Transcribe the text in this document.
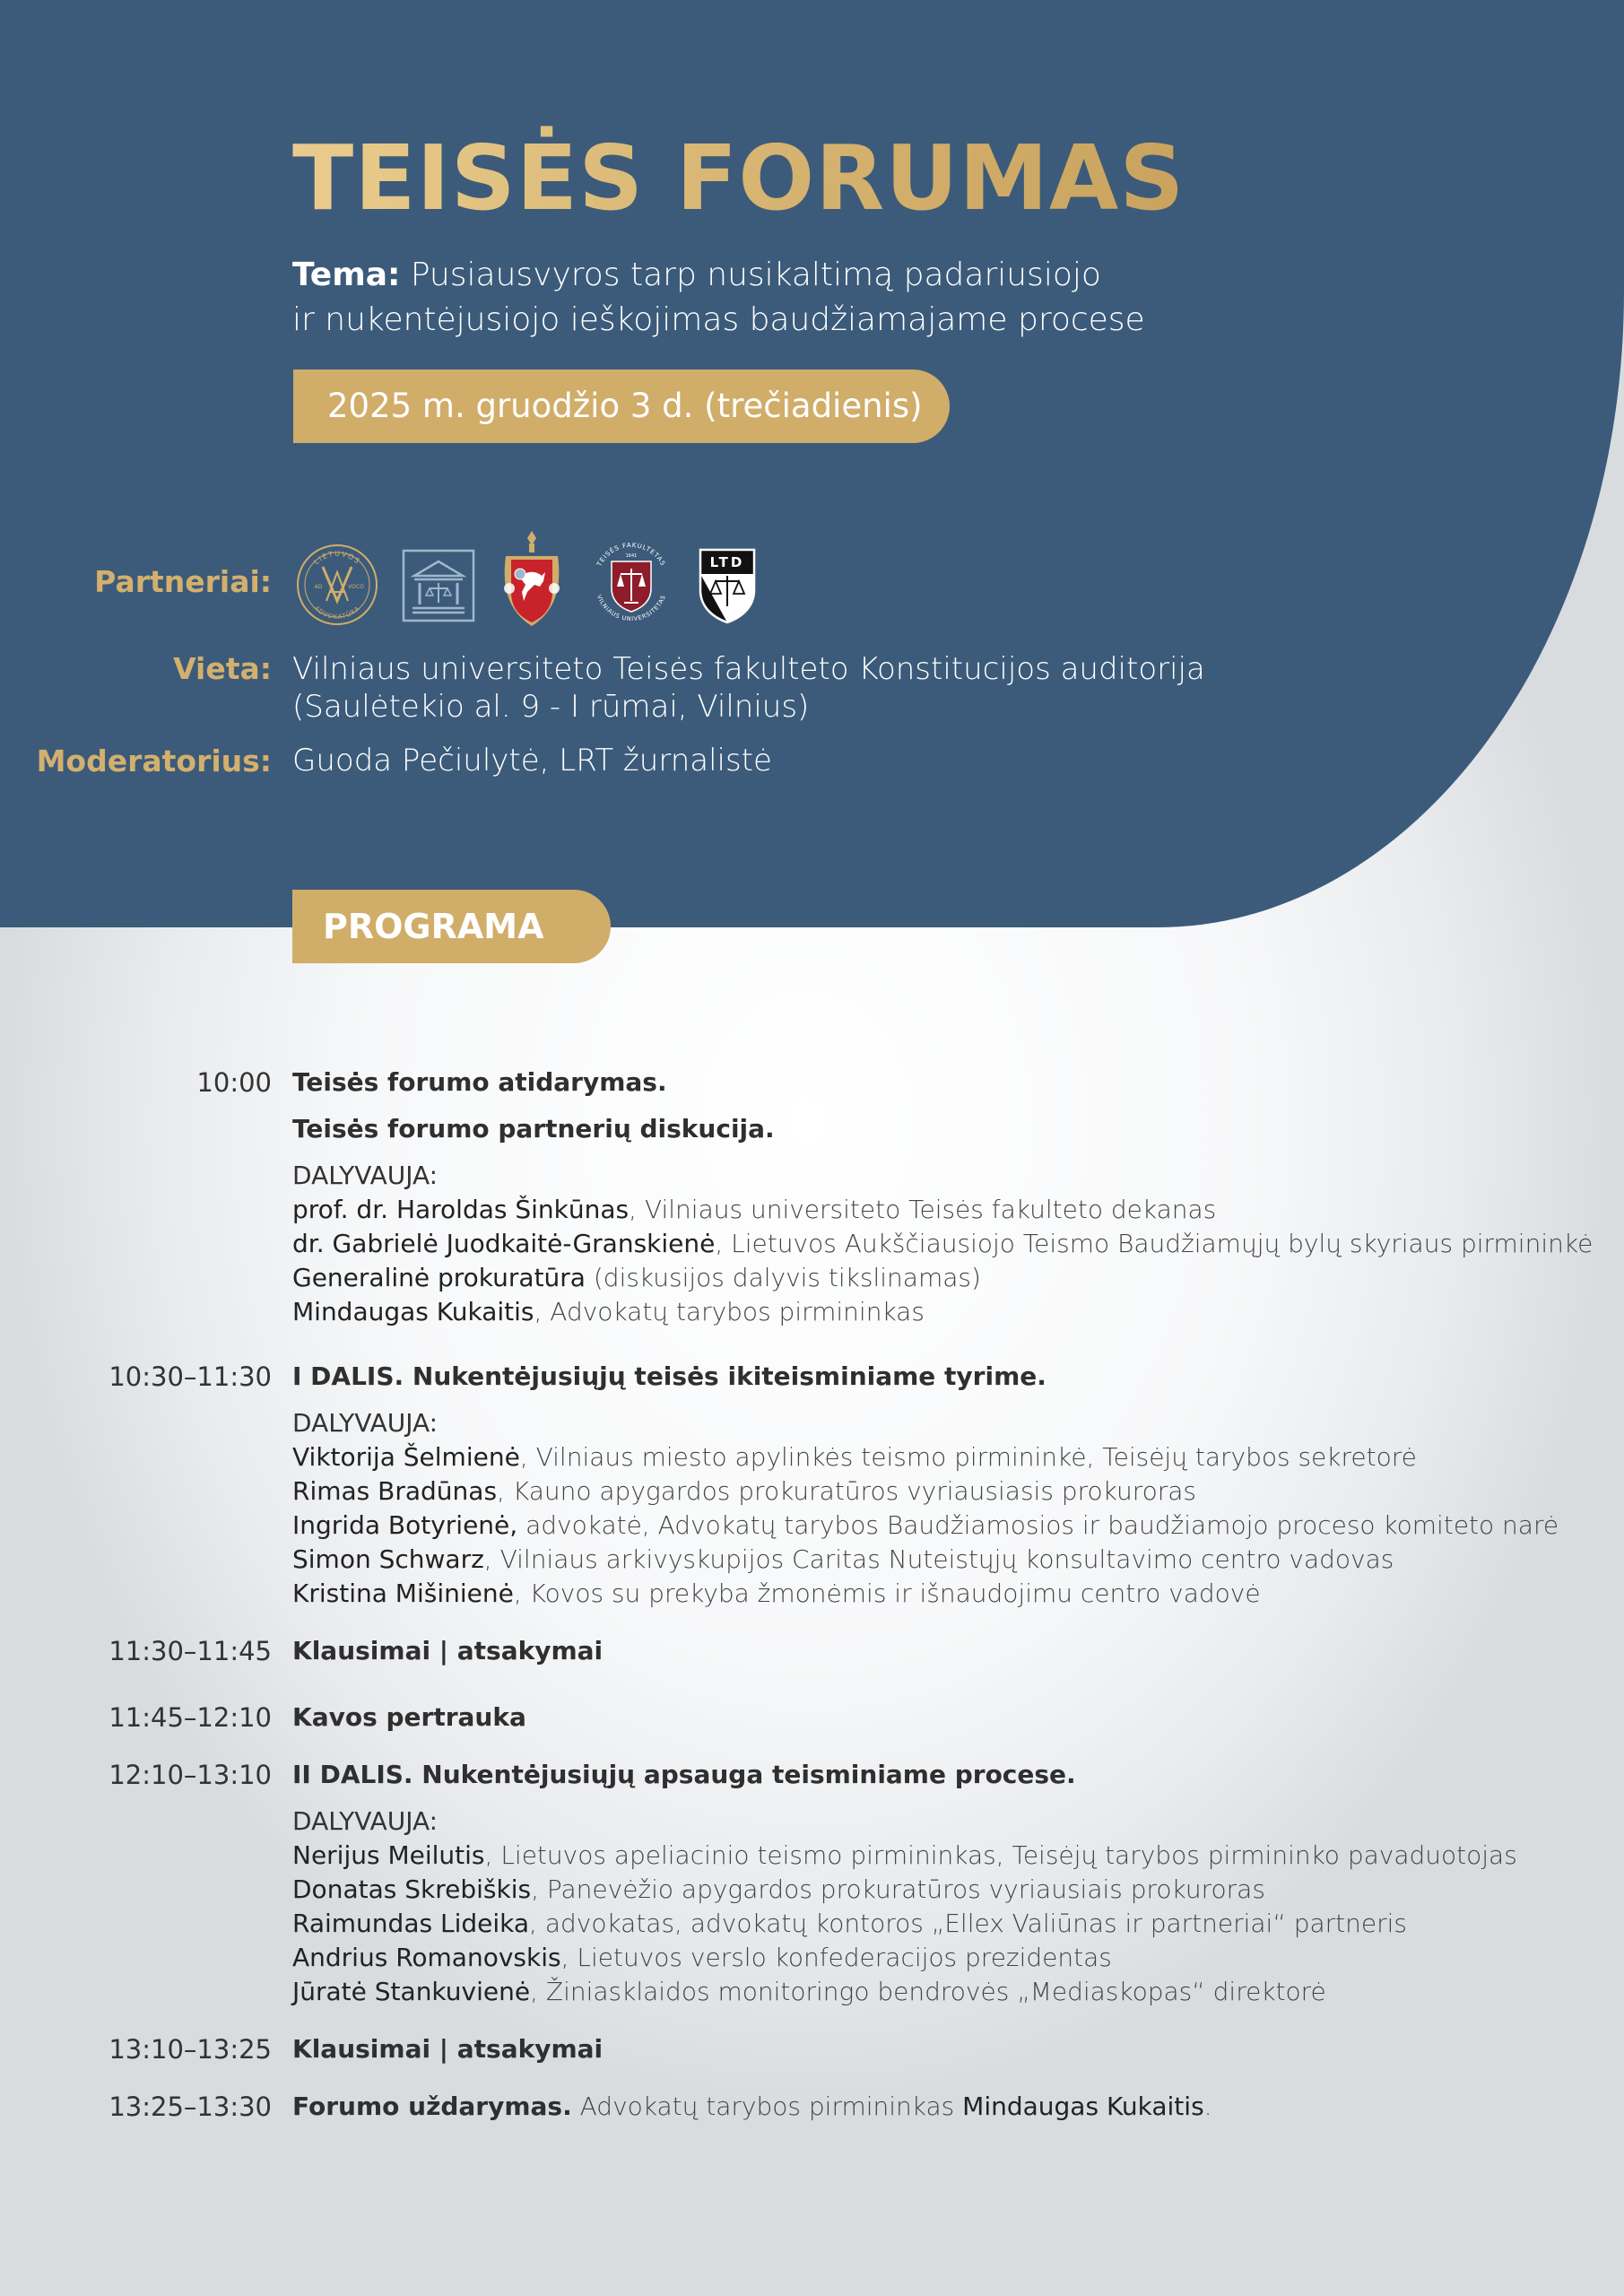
TEISĖS FORUMAS
Tema: Pusiausvyros tarp nusikaltimą padariusiojo
ir nukentėjusiojo ieškojimas baudžiamajame procese
2025 m. gruodžio 3 d. (trečiadienis)
Partneriai:
LIETUVOS
ADVOKATŪRA
AD	VOCO
TEISĖS FAKULTETAS
1641
VILNIAUS UNIVERSITETAS
LTD
Vieta: Vilniaus universiteto Teisės fakulteto Konstitucijos auditorija
(Saulėtekio al. 9 - I rūmai, Vilnius)
Moderatorius: Guoda Pečiulytė, LRT žurnalistė
PROGRAMA
10:00 Teisės forumo atidarymas.
Teisės forumo partnerių diskucija.
DALYVAUJA:
prof. dr. Haroldas Šinkūnas, Vilniaus universiteto Teisės fakulteto dekanas
dr. Gabrielė Juodkaitė-Granskienė, Lietuvos Aukščiausiojo Teismo Baudžiamųjų bylų skyriaus pirmininkė
Generalinė prokuratūra (diskusijos dalyvis tikslinamas)
Mindaugas Kukaitis, Advokatų tarybos pirmininkas
10:30–11:30 I DALIS. Nukentėjusiųjų teisės ikiteisminiame tyrime.
DALYVAUJA:
Viktorija Šelmienė, Vilniaus miesto apylinkės teismo pirmininkė, Teisėjų tarybos sekretorė
Rimas Bradūnas, Kauno apygardos prokuratūros vyriausiasis prokuroras
Ingrida Botyrienė, advokatė, Advokatų tarybos Baudžiamosios ir baudžiamojo proceso komiteto narė
Simon Schwarz, Vilniaus arkivyskupijos Caritas Nuteistųjų konsultavimo centro vadovas
Kristina Mišinienė, Kovos su prekyba žmonėmis ir išnaudojimu centro vadovė
11:30–11:45 Klausimai | atsakymai
11:45–12:10 Kavos pertrauka
12:10–13:10 II DALIS. Nukentėjusiųjų apsauga teisminiame procese.
DALYVAUJA:
Nerijus Meilutis, Lietuvos apeliacinio teismo pirmininkas, Teisėjų tarybos pirmininko pavaduotojas
Donatas Skrebiškis, Panevėžio apygardos prokuratūros vyriausiais prokuroras
Raimundas Lideika, advokatas, advokatų kontoros „Ellex Valiūnas ir partneriai“ partneris
Andrius Romanovskis, Lietuvos verslo konfederacijos prezidentas
Jūratė Stankuvienė, Žiniasklaidos monitoringo bendrovės „Mediaskopas“ direktorė
13:10–13:25 Klausimai | atsakymai
13:25–13:30 Forumo uždarymas. Advokatų tarybos pirmininkas Mindaugas Kukaitis.
